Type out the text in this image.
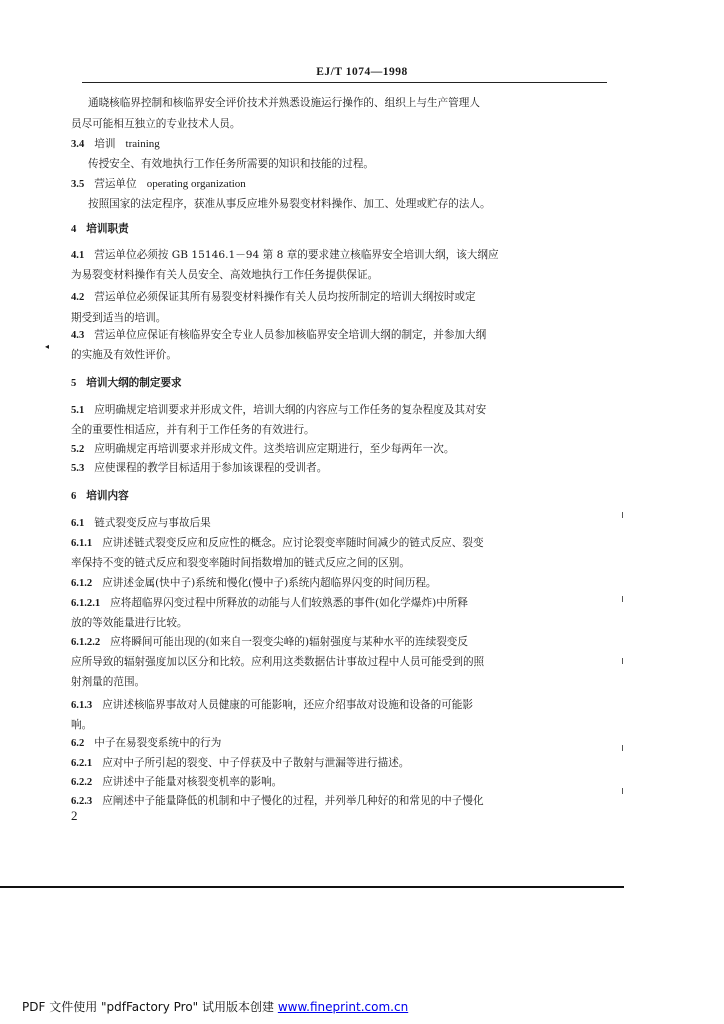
EJ/T 1074—1998
通晓核临界控制和核临界安全评价技术并熟悉设施运行操作的、组织上与生产管理人
员尽可能相互独立的专业技术人员。
3.4 培训 training
传授安全、有效地执行工作任务所需要的知识和技能的过程。
3.5 营运单位 operating organization
按照国家的法定程序，获准从事反应堆外易裂变材料操作、加工、处理或贮存的法人。
4 培训职责
4.1 营运单位必须按 GB 15146.1－94 第 8 章的要求建立核临界安全培训大纲，该大纲应
为易裂变材料操作有关人员安全、高效地执行工作任务提供保证。
4.2 营运单位必须保证其所有易裂变材料操作有关人员均按所制定的培训大纲按时或定
期受到适当的培训。
4.3 营运单位应保证有核临界安全专业人员参加核临界安全培训大纲的制定，并参加大纲
的实施及有效性评价。
5 培训大纲的制定要求
5.1 应明确规定培训要求并形成文件，培训大纲的内容应与工作任务的复杂程度及其对安
全的重要性相适应，并有利于工作任务的有效进行。
5.2 应明确规定再培训要求并形成文件。这类培训应定期进行，至少每两年一次。
5.3 应使课程的教学目标适用于参加该课程的受训者。
6 培训内容
6.1 链式裂变反应与事故后果
6.1.1 应讲述链式裂变反应和反应性的概念。应讨论裂变率随时间减少的链式反应、裂变
率保持不变的链式反应和裂变率随时间指数增加的链式反应之间的区别。
6.1.2 应讲述金属(快中子)系统和慢化(慢中子)系统内超临界闪变的时间历程。
6.1.2.1 应将超临界闪变过程中所释放的动能与人们较熟悉的事件(如化学爆炸)中所释
放的等效能量进行比较。
6.1.2.2 应将瞬间可能出现的(如来自一裂变尖峰的)辐射强度与某种水平的连续裂变反
应所导致的辐射强度加以区分和比较。应利用这类数据估计事故过程中人员可能受到的照
射剂量的范围。
6.1.3 应讲述核临界事故对人员健康的可能影响，还应介绍事故对设施和设备的可能影
响。
6.2 中子在易裂变系统中的行为
6.2.1 应对中子所引起的裂变、中子俘获及中子散射与泄漏等进行描述。
6.2.2 应讲述中子能量对核裂变机率的影响。
6.2.3 应阐述中子能量降低的机制和中子慢化的过程，并列举几种好的和常见的中子慢化
◂
2
PDF 文件使用 "pdfFactory Pro" 试用版本创建 www.fineprint.com.cn
